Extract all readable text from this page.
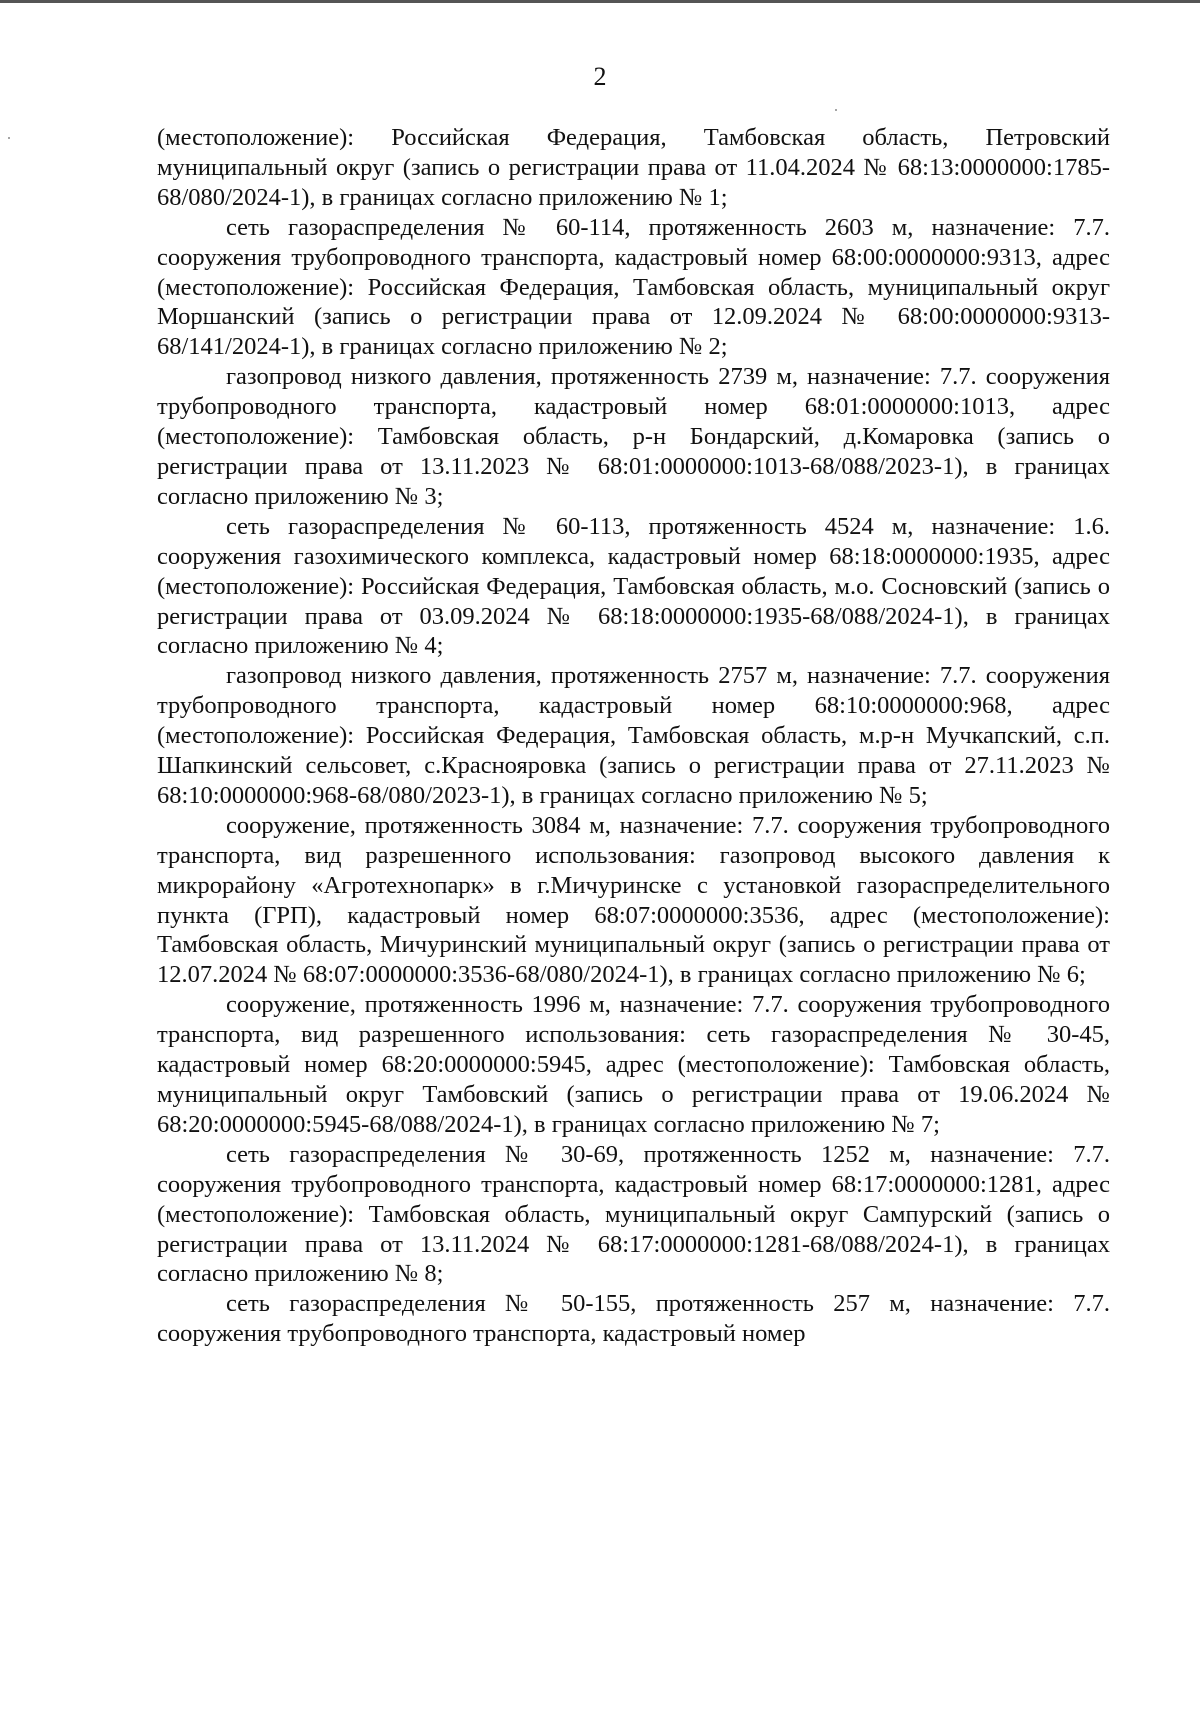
2

(местоположение): Российская Федерация, Тамбовская область, Петровский муниципальный округ (запись о регистрации права от 11.04.2024 № 68:13:0000000:1785-68/080/2024-1), в границах согласно приложению № 1;

сеть газораспределения № 60-114, протяженность 2603 м, назначение: 7.7. сооружения трубопроводного транспорта, кадастровый номер 68:00:0000000:9313, адрес (местоположение): Российская Федерация, Тамбовская область, муниципальный округ Моршанский (запись о регистрации права от 12.09.2024 № 68:00:0000000:9313-68/141/2024-1), в границах согласно приложению № 2;

газопровод низкого давления, протяженность 2739 м, назначение: 7.7. сооружения трубопроводного транспорта, кадастровый номер 68:01:0000000:1013, адрес (местоположение): Тамбовская область, р-н Бондарский, д.Комаровка (запись о регистрации права от 13.11.2023 № 68:01:0000000:1013-68/088/2023-1), в границах согласно приложению № 3;

сеть газораспределения № 60-113, протяженность 4524 м, назначение: 1.6. сооружения газохимического комплекса, кадастровый номер 68:18:0000000:1935, адрес (местоположение): Российская Федерация, Тамбовская область, м.о. Сосновский (запись о регистрации права от 03.09.2024 № 68:18:0000000:1935-68/088/2024-1), в границах согласно приложению № 4;

газопровод низкого давления, протяженность 2757 м, назначение: 7.7. сооружения трубопроводного транспорта, кадастровый номер 68:10:0000000:968, адрес (местоположение): Российская Федерация, Тамбовская область, м.р-н Мучкапский, с.п. Шапкинский сельсовет, с.Краснояровка (запись о регистрации права от 27.11.2023 № 68:10:0000000:968-68/080/2023-1), в границах согласно приложению № 5;

сооружение, протяженность 3084 м, назначение: 7.7. сооружения трубопроводного транспорта, вид разрешенного использования: газопровод высокого давления к микрорайону «Агротехнопарк» в г.Мичуринске с установкой газораспределительного пункта (ГРП), кадастровый номер 68:07:0000000:3536, адрес (местоположение): Тамбовская область, Мичуринский муниципальный округ (запись о регистрации права от 12.07.2024 № 68:07:0000000:3536-68/080/2024-1), в границах согласно приложению № 6;

сооружение, протяженность 1996 м, назначение: 7.7. сооружения трубопроводного транспорта, вид разрешенного использования: сеть газораспределения № 30-45, кадастровый номер 68:20:0000000:5945, адрес (местоположение): Тамбовская область, муниципальный округ Тамбовский (запись о регистрации права от 19.06.2024 № 68:20:0000000:5945-68/088/2024-1), в границах согласно приложению № 7;

сеть газораспределения № 30-69, протяженность 1252 м, назначение: 7.7. сооружения трубопроводного транспорта, кадастровый номер 68:17:0000000:1281, адрес (местоположение): Тамбовская область, муниципальный округ Сампурский (запись о регистрации права от 13.11.2024 № 68:17:0000000:1281-68/088/2024-1), в границах согласно приложению № 8;

сеть газораспределения № 50-155, протяженность 257 м, назначение: 7.7. сооружения трубопроводного транспорта, кадастровый номер
